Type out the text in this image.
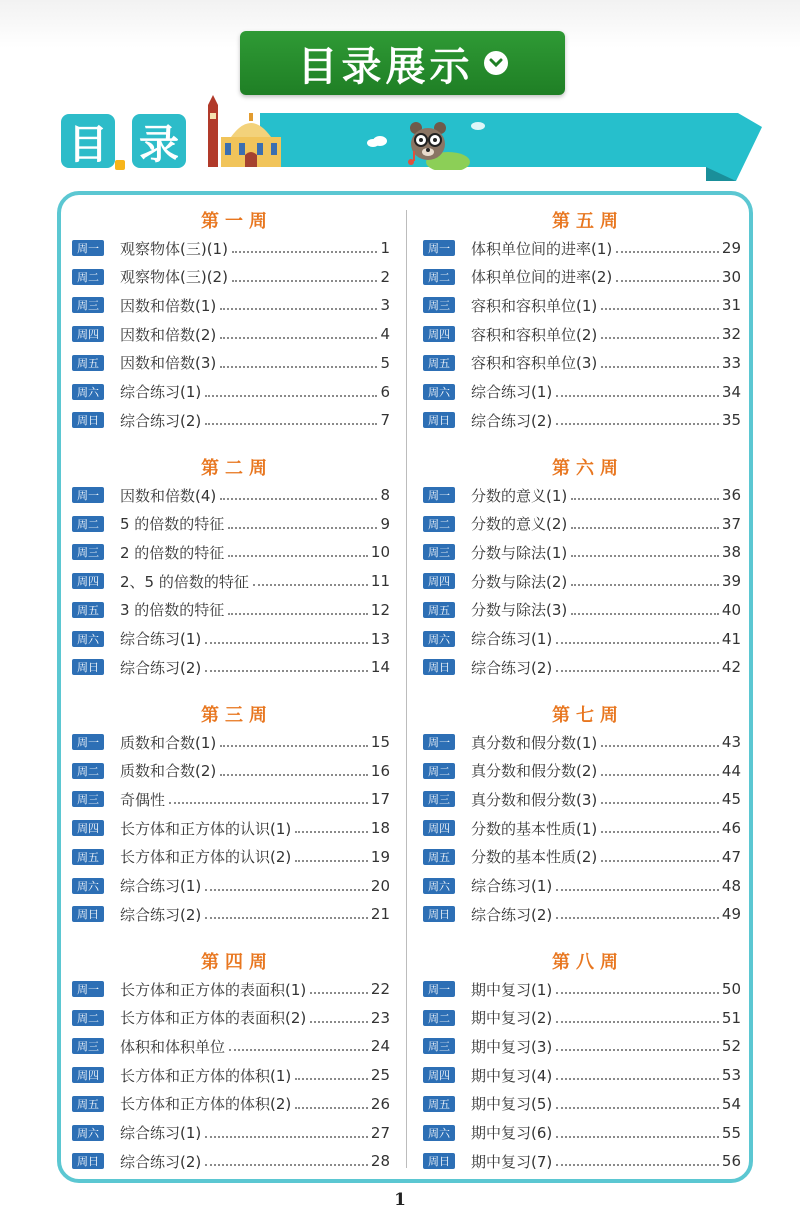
目录展示
目 录
第一周
周一	观察物体(三)(1)	1
周二	观察物体(三)(2)	2
周三	因数和倍数(1)	3
周四	因数和倍数(2)	4
周五	因数和倍数(3)	5
周六	综合练习(1)	6
周日	综合练习(2)	7
第二周
周一	因数和倍数(4)	8
周二	5 的倍数的特征	9
周三	2 的倍数的特征	10
周四	2、5 的倍数的特征	11
周五	3 的倍数的特征	12
周六	综合练习(1)	13
周日	综合练习(2)	14
第三周
周一	质数和合数(1)	15
周二	质数和合数(2)	16
周三	奇偶性	17
周四	长方体和正方体的认识(1)	18
周五	长方体和正方体的认识(2)	19
周六	综合练习(1)	20
周日	综合练习(2)	21
第四周
周一	长方体和正方体的表面积(1)	22
周二	长方体和正方体的表面积(2)	23
周三	体积和体积单位	24
周四	长方体和正方体的体积(1)	25
周五	长方体和正方体的体积(2)	26
周六	综合练习(1)	27
周日	综合练习(2)	28
第五周
周一	体积单位间的进率(1)	29
周二	体积单位间的进率(2)	30
周三	容积和容积单位(1)	31
周四	容积和容积单位(2)	32
周五	容积和容积单位(3)	33
周六	综合练习(1)	34
周日	综合练习(2)	35
第六周
周一	分数的意义(1)	36
周二	分数的意义(2)	37
周三	分数与除法(1)	38
周四	分数与除法(2)	39
周五	分数与除法(3)	40
周六	综合练习(1)	41
周日	综合练习(2)	42
第七周
周一	真分数和假分数(1)	43
周二	真分数和假分数(2)	44
周三	真分数和假分数(3)	45
周四	分数的基本性质(1)	46
周五	分数的基本性质(2)	47
周六	综合练习(1)	48
周日	综合练习(2)	49
第八周
周一	期中复习(1)	50
周二	期中复习(2)	51
周三	期中复习(3)	52
周四	期中复习(4)	53
周五	期中复习(5)	54
周六	期中复习(6)	55
周日	期中复习(7)	56
1
